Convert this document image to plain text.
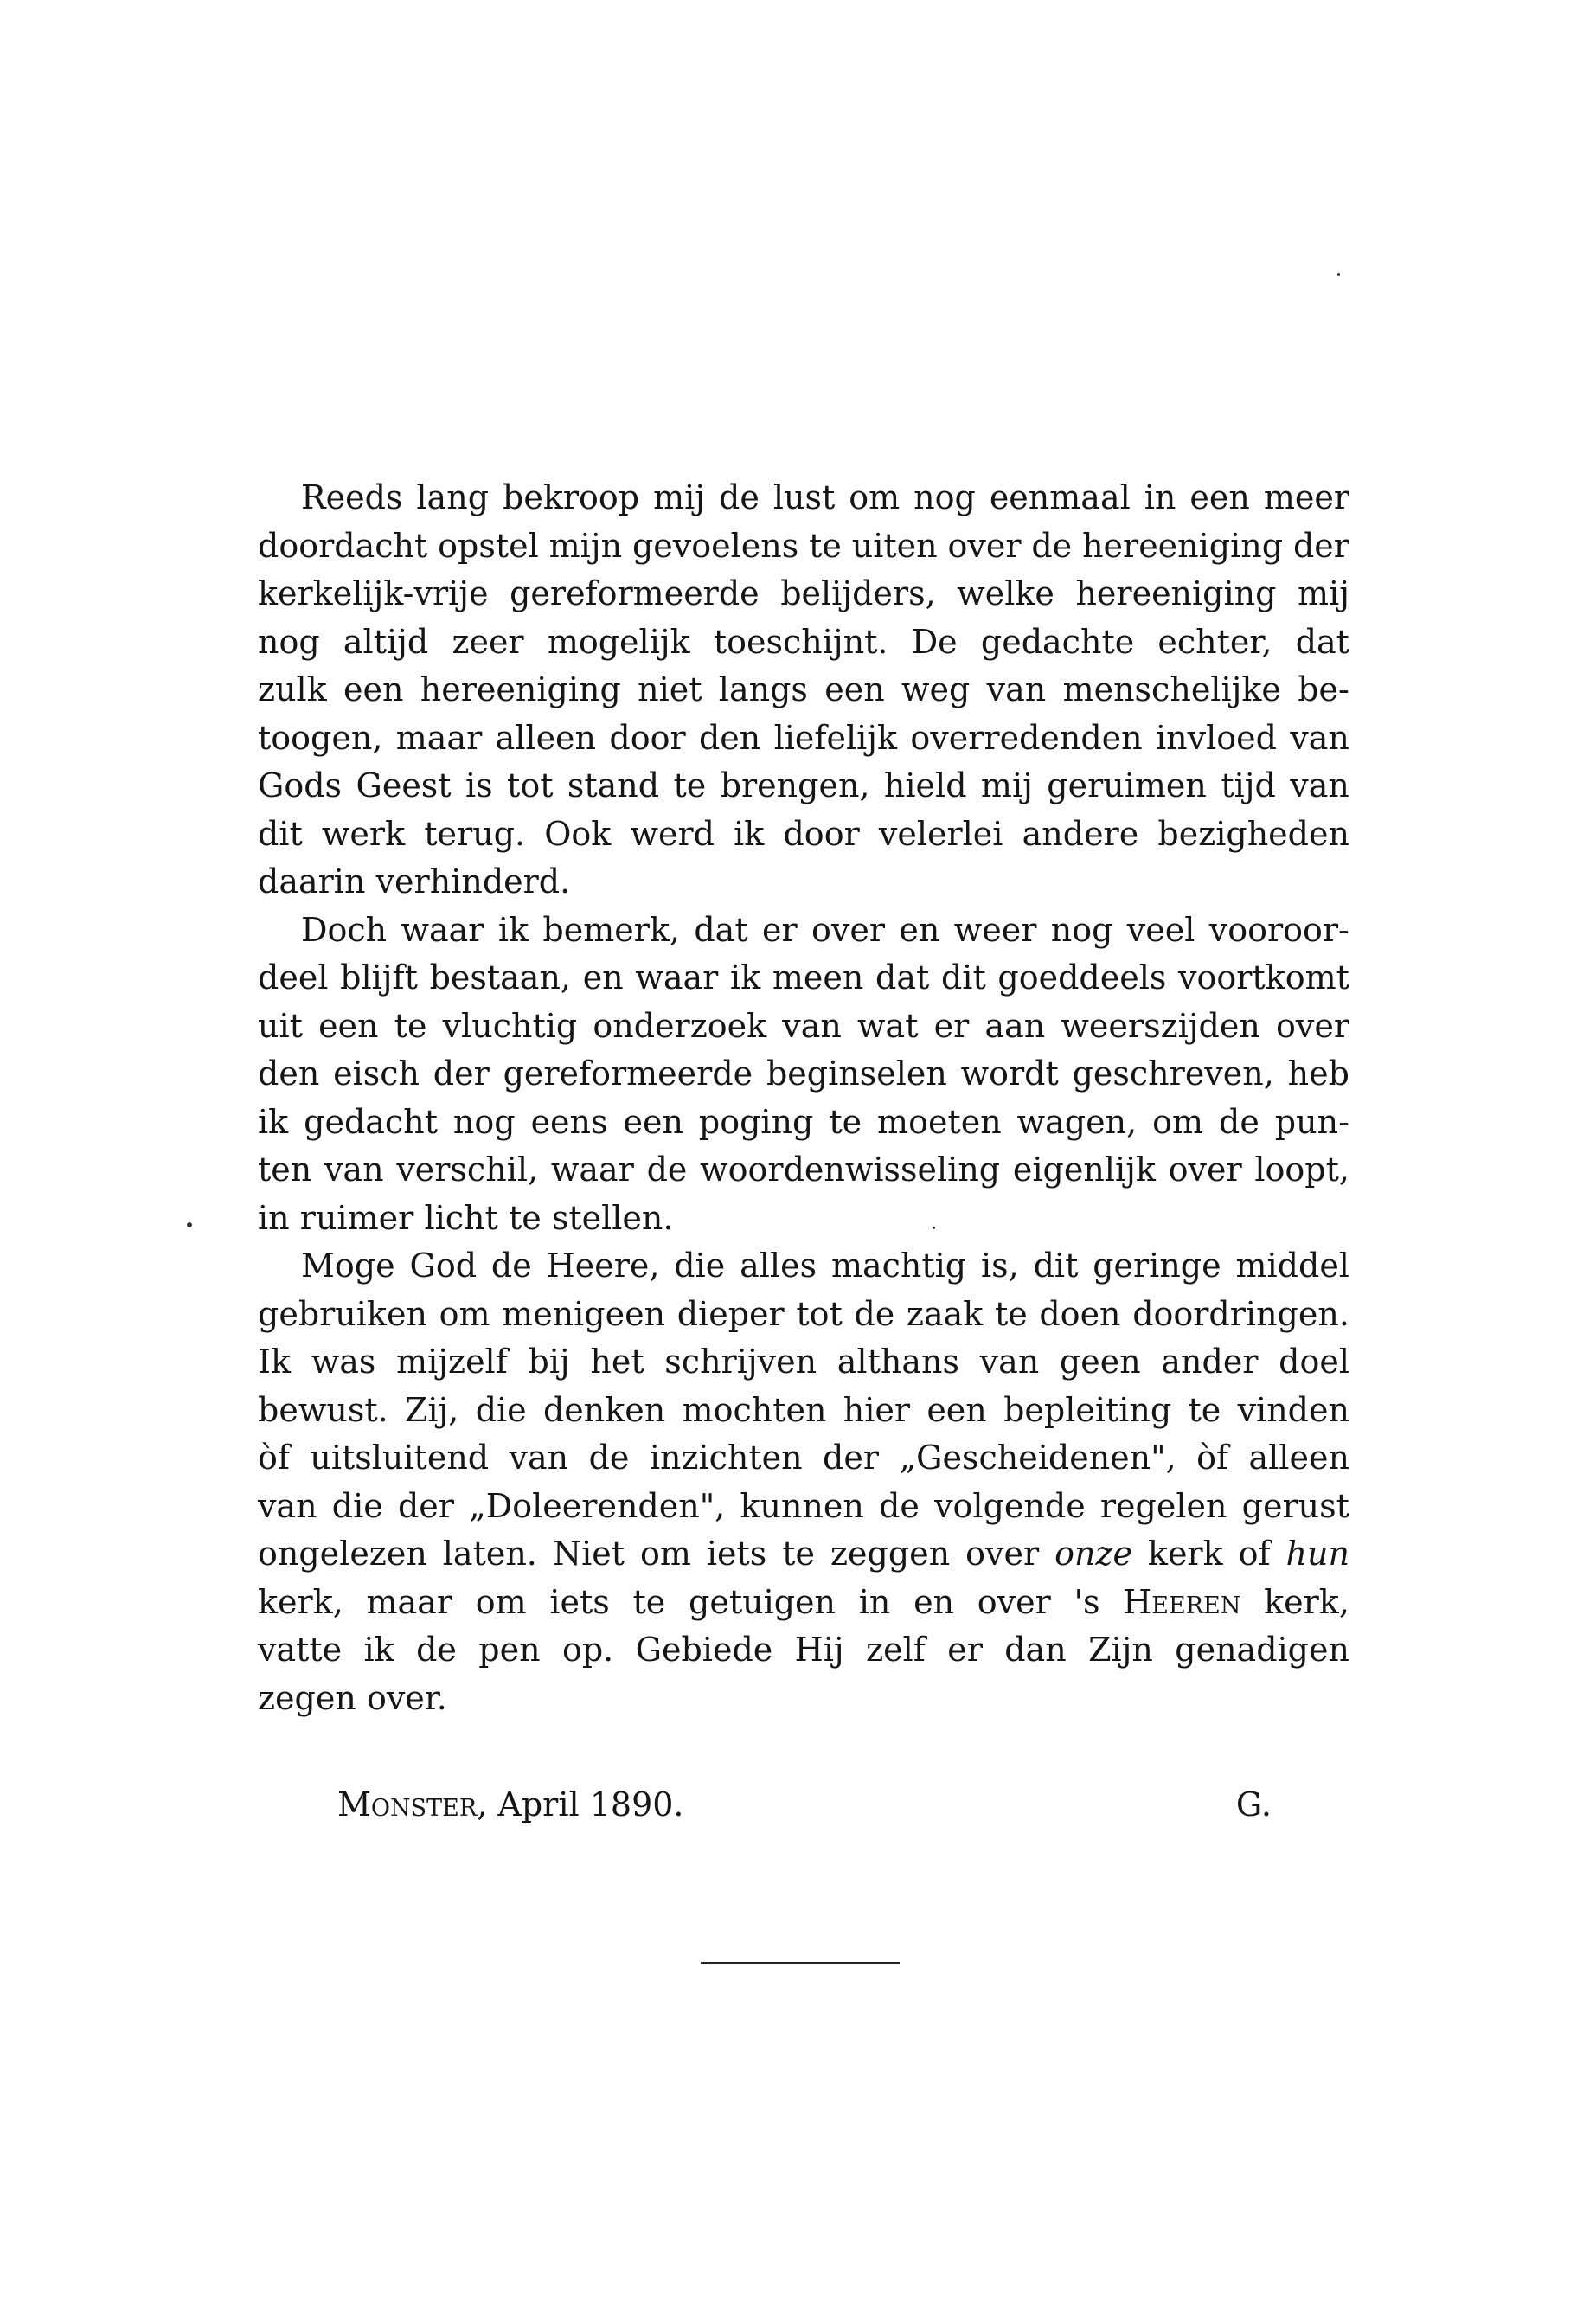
Reeds lang bekroop mij de lust om nog eenmaal in een meer
doordacht opstel mijn gevoelens te uiten over de hereeniging der
kerkelijk-vrije gereformeerde belijders, welke hereeniging mij
nog altijd zeer mogelijk toeschijnt. De gedachte echter, dat
zulk een hereeniging niet langs een weg van menschelijke be-
toogen, maar alleen door den liefelijk overredenden invloed van
Gods Geest is tot stand te brengen, hield mij geruimen tijd van
dit werk terug. Ook werd ik door velerlei andere bezigheden
daarin verhinderd.
Doch waar ik bemerk, dat er over en weer nog veel vooroor-
deel blijft bestaan, en waar ik meen dat dit goeddeels voortkomt
uit een te vluchtig onderzoek van wat er aan weerszijden over
den eisch der gereformeerde beginselen wordt geschreven, heb
ik gedacht nog eens een poging te moeten wagen, om de pun-
ten van verschil, waar de woordenwisseling eigenlijk over loopt,
in ruimer licht te stellen.
Moge God de Heere, die alles machtig is, dit geringe middel
gebruiken om menigeen dieper tot de zaak te doen doordringen.
Ik was mijzelf bij het schrijven althans van geen ander doel
bewust. Zij, die denken mochten hier een bepleiting te vinden
òf uitsluitend van de inzichten der „Gescheidenen", òf alleen
van die der „Doleerenden", kunnen de volgende regelen gerust
ongelezen laten. Niet om iets te zeggen over onze kerk of hun
kerk, maar om iets te getuigen in en over 's Heeren kerk,
vatte ik de pen op. Gebiede Hij zelf er dan Zijn genadigen
zegen over.
Monster, April 1890.	G.
